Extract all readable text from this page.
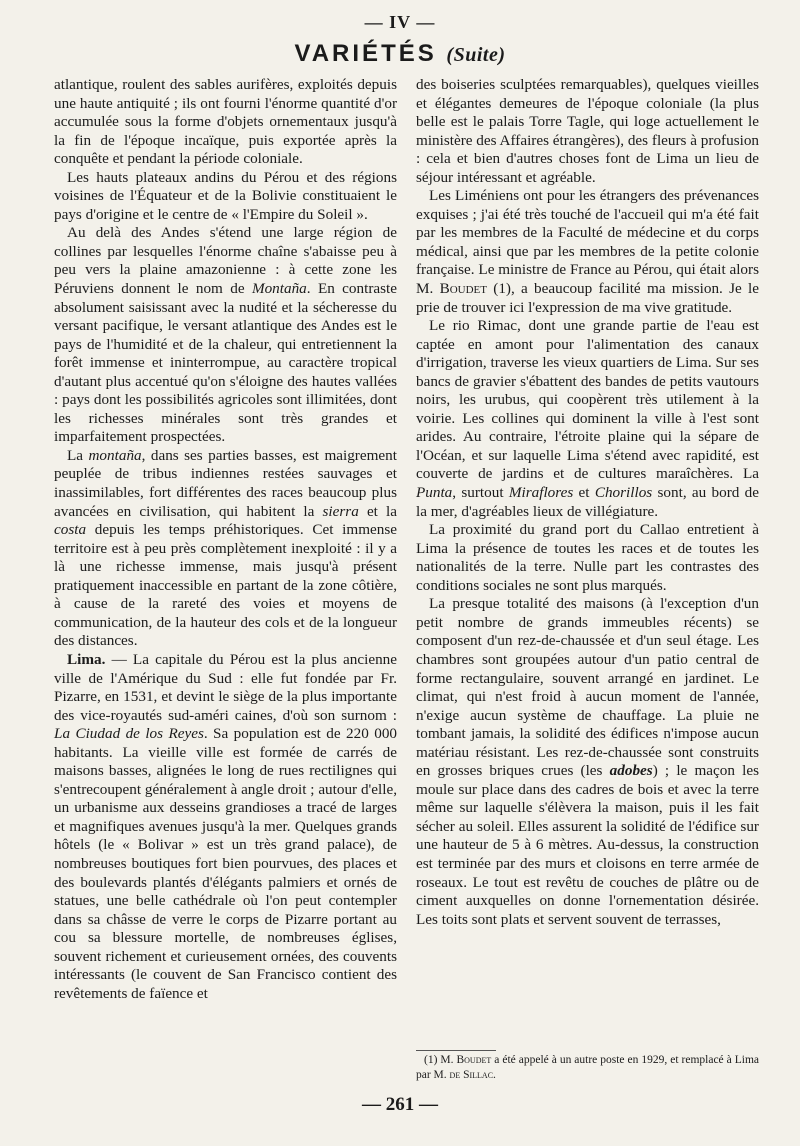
— IV —
VARIÉTÉS (Suite)

atlantique, roulent des sables aurifères, exploités depuis une haute antiquité ; ils ont fourni l'énorme quantité d'or accumulée sous la forme d'objets ornementaux jusqu'à la fin de l'époque incaïque, puis exportée après la conquête et pendant la période coloniale.

Les hauts plateaux andins du Pérou et des régions voisines de l'Équateur et de la Bolivie constituaient le pays d'origine et le centre de « l'Empire du Soleil ».

Au delà des Andes s'étend une large région de collines par lesquelles l'énorme chaîne s'abaisse peu à peu vers la plaine amazonienne : à cette zone les Péruviens donnent le nom de Montaña. En contraste absolument saisissant avec la nudité et la sécheresse du versant pacifique, le versant atlantique des Andes est le pays de l'humidité et de la chaleur, qui entretiennent la forêt immense et ininterrompue, au caractère tropical d'autant plus accentué qu'on s'éloigne des hautes vallées : pays dont les possibilités agricoles sont illimitées, dont les richesses minérales sont très grandes et imparfaitement prospectées.

La montaña, dans ses parties basses, est maigrement peuplée de tribus indiennes restées sauvages et inassimilables, fort différentes des races beaucoup plus avancées en civilisation, qui habitent la sierra et la costa depuis les temps préhistoriques. Cet immense territoire est à peu près complètement inexploité : il y a là une richesse immense, mais jusqu'à présent pratiquement inaccessible en partant de la zone côtière, à cause de la rareté des voies et moyens de communication, de la hauteur des cols et de la longueur des distances.

Lima. — La capitale du Pérou est la plus ancienne ville de l'Amérique du Sud : elle fut fondée par Fr. Pizarre, en 1531, et devint le siège de la plus importante des vice-royautés sud-améri caines, d'où son surnom : La Ciudad de los Reyes. Sa population est de 220 000 habitants. La vieille ville est formée de carrés de maisons basses, alignées le long de rues rectilignes qui s'entrecoupent généralement à angle droit ; autour d'elle, un urbanisme aux desseins grandioses a tracé de larges et magnifiques avenues jusqu'à la mer. Quelques grands hôtels (le « Bolivar » est un très grand palace), de nombreuses boutiques fort bien pourvues, des places et des boulevards plantés d'élégants palmiers et ornés de statues, une belle cathédrale où l'on peut contempler dans sa châsse de verre le corps de Pizarre portant au cou sa blessure mortelle, de nombreuses églises, souvent richement et curieusement ornées, des couvents intéressants (le couvent de San Francisco contient des revêtements de faïence et

des boiseries sculptées remarquables), quelques vieilles et élégantes demeures de l'époque coloniale (la plus belle est le palais Torre Tagle, qui loge actuellement le ministère des Affaires étrangères), des fleurs à profusion : cela et bien d'autres choses font de Lima un lieu de séjour intéressant et agréable.

Les Liméniens ont pour les étrangers des prévenances exquises ; j'ai été très touché de l'accueil qui m'a été fait par les membres de la Faculté de médecine et du corps médical, ainsi que par les membres de la petite colonie française. Le ministre de France au Pérou, qui était alors M. Boudet (1), a beaucoup facilité ma mission. Je le prie de trouver ici l'expression de ma vive gratitude.

Le rio Rimac, dont une grande partie de l'eau est captée en amont pour l'alimentation des canaux d'irrigation, traverse les vieux quartiers de Lima. Sur ses bancs de gravier s'ébattent des bandes de petits vautours noirs, les urubus, qui coopèrent très utilement à la voirie. Les collines qui dominent la ville à l'est sont arides. Au contraire, l'étroite plaine qui la sépare de l'Océan, et sur laquelle Lima s'étend avec rapidité, est couverte de jardins et de cultures maraîchères. La Punta, surtout Miraflores et Chorillos sont, au bord de la mer, d'agréables lieux de villégiature.

La proximité du grand port du Callao entretient à Lima la présence de toutes les races et de toutes les nationalités de la terre. Nulle part les contrastes des conditions sociales ne sont plus marqués.

La presque totalité des maisons (à l'exception d'un petit nombre de grands immeubles récents) se composent d'un rez-de-chaussée et d'un seul étage. Les chambres sont groupées autour d'un patio central de forme rectangulaire, souvent arrangé en jardinet. Le climat, qui n'est froid à aucun moment de l'année, n'exige aucun système de chauffage. La pluie ne tombant jamais, la solidité des édifices n'impose aucun matériau résistant. Les rez-de-chaussée sont construits en grosses briques crues (les adobes) ; le maçon les moule sur place dans des cadres de bois et avec la terre même sur laquelle s'élèvera la maison, puis il les fait sécher au soleil. Elles assurent la solidité de l'édifice sur une hauteur de 5 à 6 mètres. Au-dessus, la construction est terminée par des murs et cloisons en terre armée de roseaux. Le tout est revêtu de couches de plâtre ou de ciment auxquelles on donne l'ornementation désirée. Les toits sont plats et servent souvent de terrasses,

(1) M. Boudet a été appelé à un autre poste en 1929, et remplacé à Lima par M. de Sillac.

— 261 —
